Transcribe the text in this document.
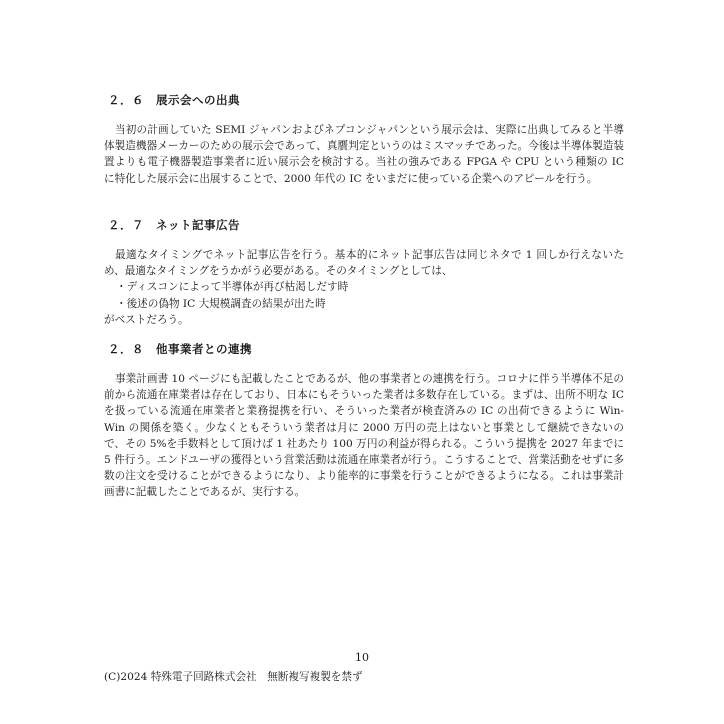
２．６　展示会への出典

当初の計画していた SEMI ジャパンおよびネプコンジャパンという展示会は、実際に出典してみると半導体製造機器メーカーのための展示会であって、真贋判定というのはミスマッチであった。今後は半導体製造装置よりも電子機器製造事業者に近い展示会を検討する。当社の強みである FPGA や CPU という種類の IC に特化した展示会に出展することで、2000 年代の IC をいまだに使っている企業へのアピールを行う。

２．７　ネット記事広告

最適なタイミングでネット記事広告を行う。基本的にネット記事広告は同じネタで 1 回しか行えないため、最適なタイミングをうかがう必要がある。そのタイミングとしては、

・ディスコンによって半導体が再び枯渇しだす時
・後述の偽物 IC 大規模調査の結果が出た時

がベストだろう。

２．８　他事業者との連携

事業計画書 10 ページにも記載したことであるが、他の事業者との連携を行う。コロナに伴う半導体不足の前から流通在庫業者は存在しており、日本にもそういった業者は多数存在している。まずは、出所不明な IC を扱っている流通在庫業者と業務提携を行い、そういった業者が検査済みの IC の出荷できるように Win-Win の関係を築く。少なくともそういう業者は月に 2000 万円の売上はないと事業として継続できないので、その 5%を手数料として頂けば 1 社あたり 100 万円の利益が得られる。こういう提携を 2027 年までに 5 件行う。エンドユーザの獲得という営業活動は流通在庫業者が行う。こうすることで、営業活動をせずに多数の注文を受けることができるようになり、より能率的に事業を行うことができるようになる。これは事業計画書に記載したことであるが、実行する。

10
(C)2024 特殊電子回路株式会社　無断複写複製を禁ず
